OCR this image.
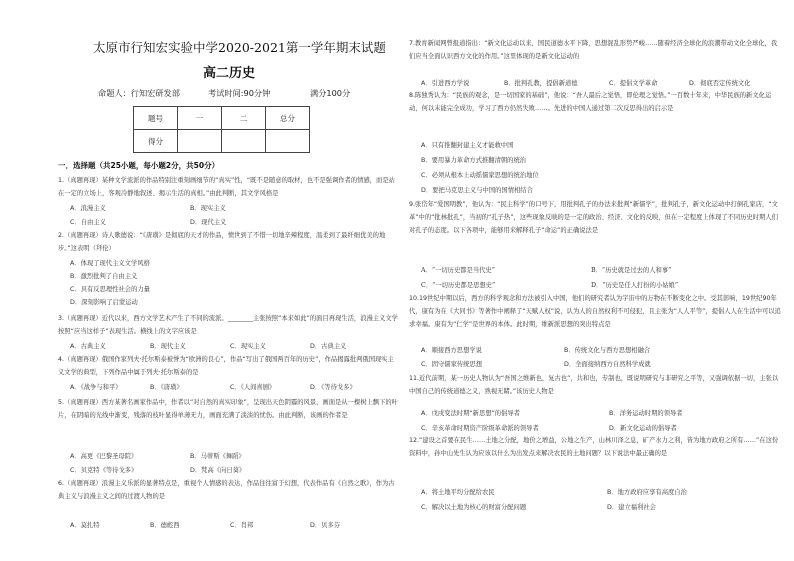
太原市行知宏实验中学2020-2021第一学年期末试题
高二历史
命题人：行知宏研发部	考试时间:90分钟	满分100分
题号	一	二	总分
得分			
一．选择题（共25小题，每小题2分，共50分）
1.（真题再现）某种文学流派的作品特别注重刻画细节的“真实”性，“既不是随意的取材，也不是强调作者的情感，而是站在一定的立场上，客观冷静地叙述、揭示生活的真相。”由此判断，其文学风格是
A．浪漫主义	B．现实主义
C．自由主义	D．现代主义
2.（真题再现）诗人歌德说：“《唐璜》是彻底的天才的作品，愤世到了不惜一切地辛辣程度，温柔到了最纤细优美的地步。”这表明（拜伦）
A．体现了现代主义文学风格
B．激烈批判了自由主义
C．具有反思理性社会的力量
D．深刻影响了启蒙运动
3.（真题再现）近代以来，西方文学艺术产生了不同的流派。________主张按照“本来如此”的面目再现生活，浪漫主义文学按照“应当这样子”表现生活。横线上的文字应该是
A．古典主义	B．现代主义	C．现实主义	D．古典主义
4.（真题再现）俄国作家列夫·托尔斯泰被誉为“欧洲的良心”，作品“写出了俄国两百年的历史”，作品揭露批判俄国现实主义文学的典型，下列作品中属于列夫·托尔斯泰的是
A．《战争与和平》	B．《唐璜》	C．《人间喜剧》	D．《等待戈多》
5.（真题再现）西方某著名画家作品中，作者以“对自然的真实印象”，呈现出天色阴霾的风景，画面是从一棵树上飘下的叶片，在阴暗的光线中渐变，残落的枝叶显得单薄无力，画面充满了淡淡的忧伤。由此判断，该画的作者是
A．高更《巴黎圣母院》	B．马蒂斯《舞蹈》
C．贝克特《等待戈多》	D．梵高《向日葵》
6.（真题再现）浪漫主义乐派的显著特点是，重视个人情感的表达，作品往往富于幻想，代表作品有《自然之歌》，作为古典主义与浪漫主义之间的过渡人物的是
A．莫扎特	B．德彪西	C．肖邦	D．贝多芬
7.教育新闻网曾报道指出：“新文化运动以来，国民道德水平下降，思想混乱形势严峻……随着经济全球化的浪潮带动文化全球化，我们应当全面认识西方文化的作用。”这里体现的是新文化运动的
A．引进西方学说	B．批判孔教，提倡新道德	C．提倡文学革命	D．彻底否定传统文化
8.陈独秀认为：“民族的观念，是一切国家的基础”，他说：“吾人最后之觉悟，即伦理之觉悟。”一百数十年来，中华民族的新文化运动，何以未能完全成功，学习了西方仍然失败……。先进的中国人通过第二次反思得出的启示是
A．只有推翻封建主义才能救中国
B．要用暴力革命方式推翻清朝的统治
C．必须从根本上动摇儒家思想的统治地位
D．要把马克思主义与中国的国情相结合
9.张岱年“爱国明教”，他认为：“民主科学”的口号下，用批判孔子的办法来批判“新儒学”，批判孔子，新文化运动中打倒孔家店，“文革”中的“批林批孔”，当初的“孔子热”，这些现象反映的是一定的政治、经济、文化的反映，但在一定程度上体现了不同历史时期人们对孔子的态度。以下各项中，能够用来解释孔子“命运”的正确说法是
A．“一切历史都是当代史”	B．“历史就是过去的人和事”
C．“一切历史都是思想史”	D．“历史是任人打扮的小姑娘”
10.19世纪中期以后，西方的科学观念和方法被引入中国，他们的研究者认为宇宙中的万物在不断变化之中。受其影响，19世纪90年代，康有为在《大同书》等著作中阐释了“天赋人权”说，认为人的自然权利不可侵犯，且主张为“人人平等”，提倡人人在生活中可以追求幸福。康有为“仁学”是世界的本体。此时期，维新派思想的突出特点是
A．顺接西方思想学说	B．传统文化与西方思想相融合
C．固守儒家传统思想	D．全面接纳西方自然科学成就
11.近代前期，某一历史人物认为“吾国之维新也，复古也”，共和也，专制也，既说明研究与非研究之平等，又强调依据一切，主张以中国自己的传统道德之义，熟视无睹。”该历史人物是
A．戊戌变法时期“新思想”的倡导者	B．洋务运动时期的领导者
C．辛亥革命时期资产阶级革命派的领导者	D．新文化运动的倡导者
12.“建设之首要在民生……土地之分配，地价之增益，公地之生产，山林川泽之息，矿产水力之利，皆为地方政府之所有……”在这份资料中，孙中山先生认为应该以什么为出发点来解决农民的土地问题？以下说法中最正确的是
A．将土地平均分配给农民	B．地方政府应享有高度自治
C．解决以土地为核心的财富分配问题	D．建立福利社会
